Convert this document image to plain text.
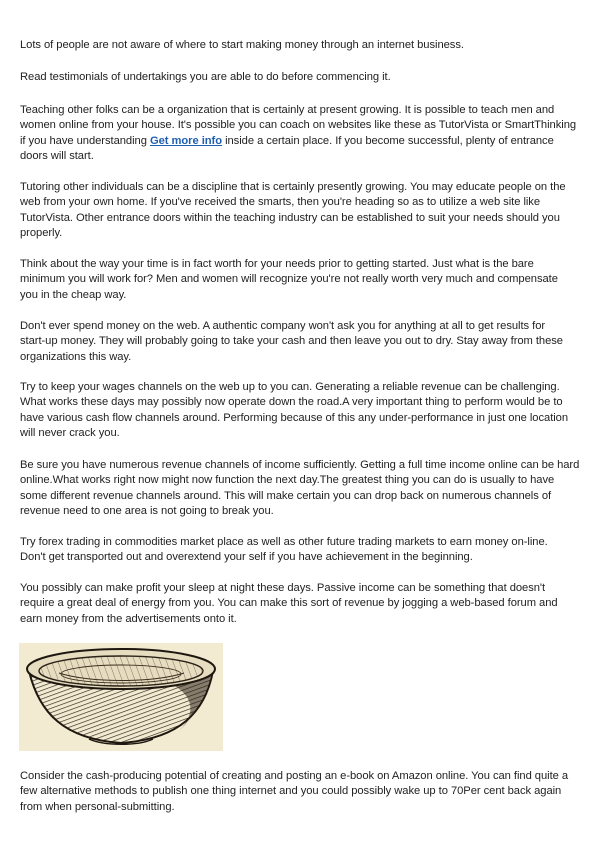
Lots of people are not aware of where to start making money through an internet business.

Read testimonials of undertakings you are able to do before commencing it.

Teaching other folks can be a organization that is certainly at present growing. It is possible to teach men and
women online from your house. It's possible you can coach on websites like these as TutorVista or SmartThinking
if you have understanding Get more info inside a certain place. If you become successful, plenty of entrance
doors will start.

Tutoring other individuals can be a discipline that is certainly presently growing. You may educate people on the
web from your own home. If you've received the smarts, then you're heading so as to utilize a web site like
TutorVista. Other entrance doors within the teaching industry can be established to suit your needs should you
properly.

Think about the way your time is in fact worth for your needs prior to getting started. Just what is the bare
minimum you will work for? Men and women will recognize you're not really worth very much and compensate
you in the cheap way.

Don't ever spend money on the web. A authentic company won't ask you for anything at all to get results for
start-up money. They will probably going to take your cash and then leave you out to dry. Stay away from these
organizations this way.

Try to keep your wages channels on the web up to you can. Generating a reliable revenue can be challenging.
What works these days may possibly now operate down the road.A very important thing to perform would be to
have various cash flow channels around. Performing because of this any under-performance in just one location
will never crack you.

Be sure you have numerous revenue channels of income sufficiently. Getting a full time income online can be hard
online.What works right now might now function the next day.The greatest thing you can do is usually to have
some different revenue channels around. This will make certain you can drop back on numerous channels of
revenue need to one area is not going to break you.

Try forex trading in commodities market place as well as other future trading markets to earn money on-line.
Don't get transported out and overextend your self if you have achievement in the beginning.

You possibly can make profit your sleep at night these days. Passive income can be something that doesn't
require a great deal of energy from you. You can make this sort of revenue by jogging a web-based forum and
earn money from the advertisements onto it.

Consider the cash-producing potential of creating and posting an e-book on Amazon online. You can find quite a
few alternative methods to publish one thing internet and you could possibly wake up to 70Per cent back again
from when personal-submitting.
